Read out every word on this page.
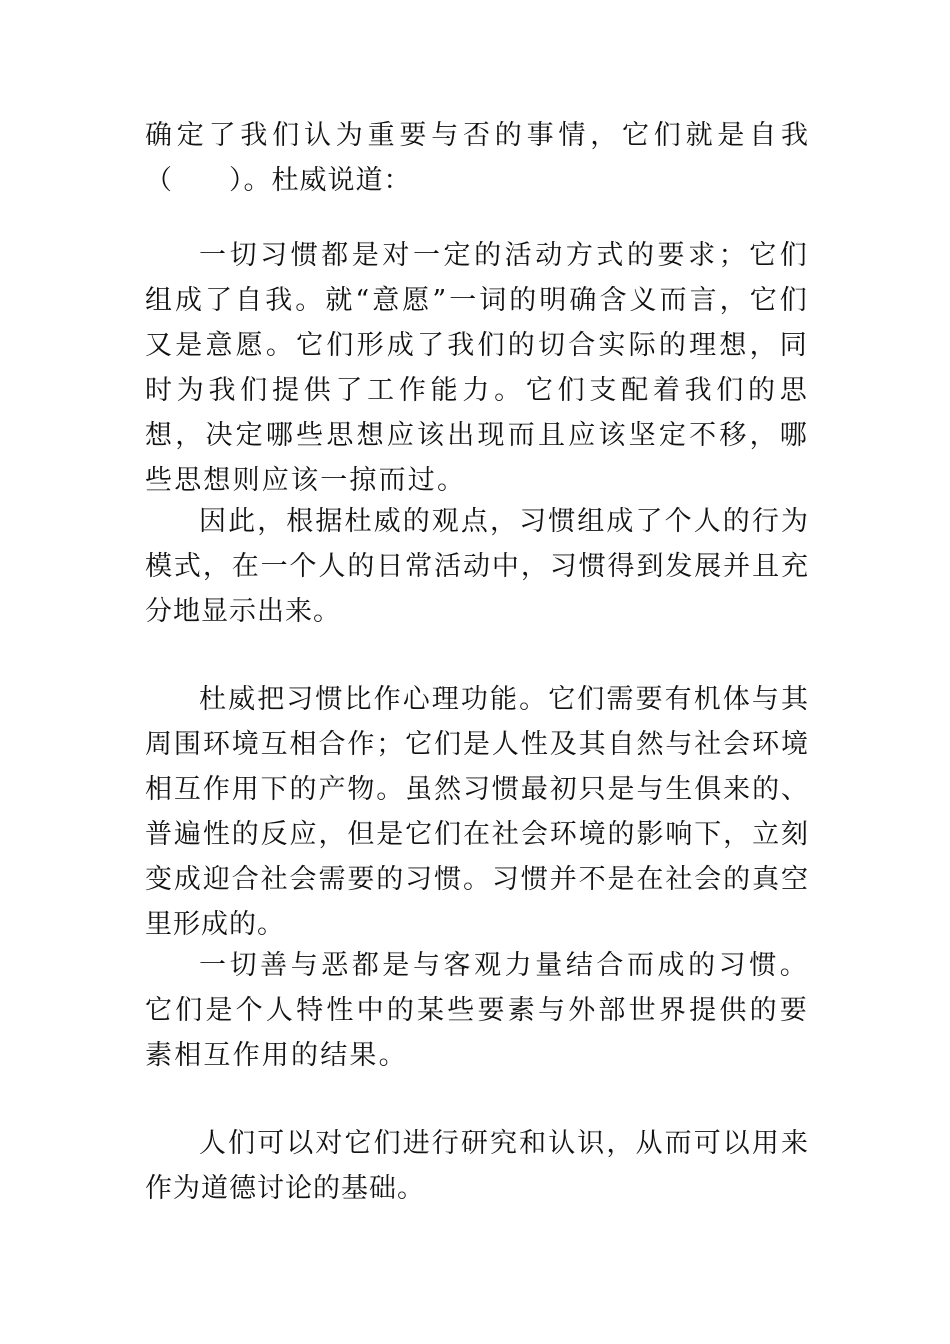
确定了我们认为重要与否的事情，它们就是自我（　　）。杜威说道：

一切习惯都是对一定的活动方式的要求；它们组成了自我。就“意愿”一词的明确含义而言，它们又是意愿。它们形成了我们的切合实际的理想，同时为我们提供了工作能力。它们支配着我们的思想，决定哪些思想应该出现而且应该坚定不移，哪些思想则应该一掠而过。

因此，根据杜威的观点，习惯组成了个人的行为模式，在一个人的日常活动中，习惯得到发展并且充分地显示出来。

杜威把习惯比作心理功能。它们需要有机体与其周围环境互相合作；它们是人性及其自然与社会环境相互作用下的产物。虽然习惯最初只是与生俱来的、普遍性的反应，但是它们在社会环境的影响下，立刻变成迎合社会需要的习惯。习惯并不是在社会的真空里形成的。

一切善与恶都是与客观力量结合而成的习惯。它们是个人特性中的某些要素与外部世界提供的要素相互作用的结果。

人们可以对它们进行研究和认识，从而可以用来作为道德讨论的基础。
